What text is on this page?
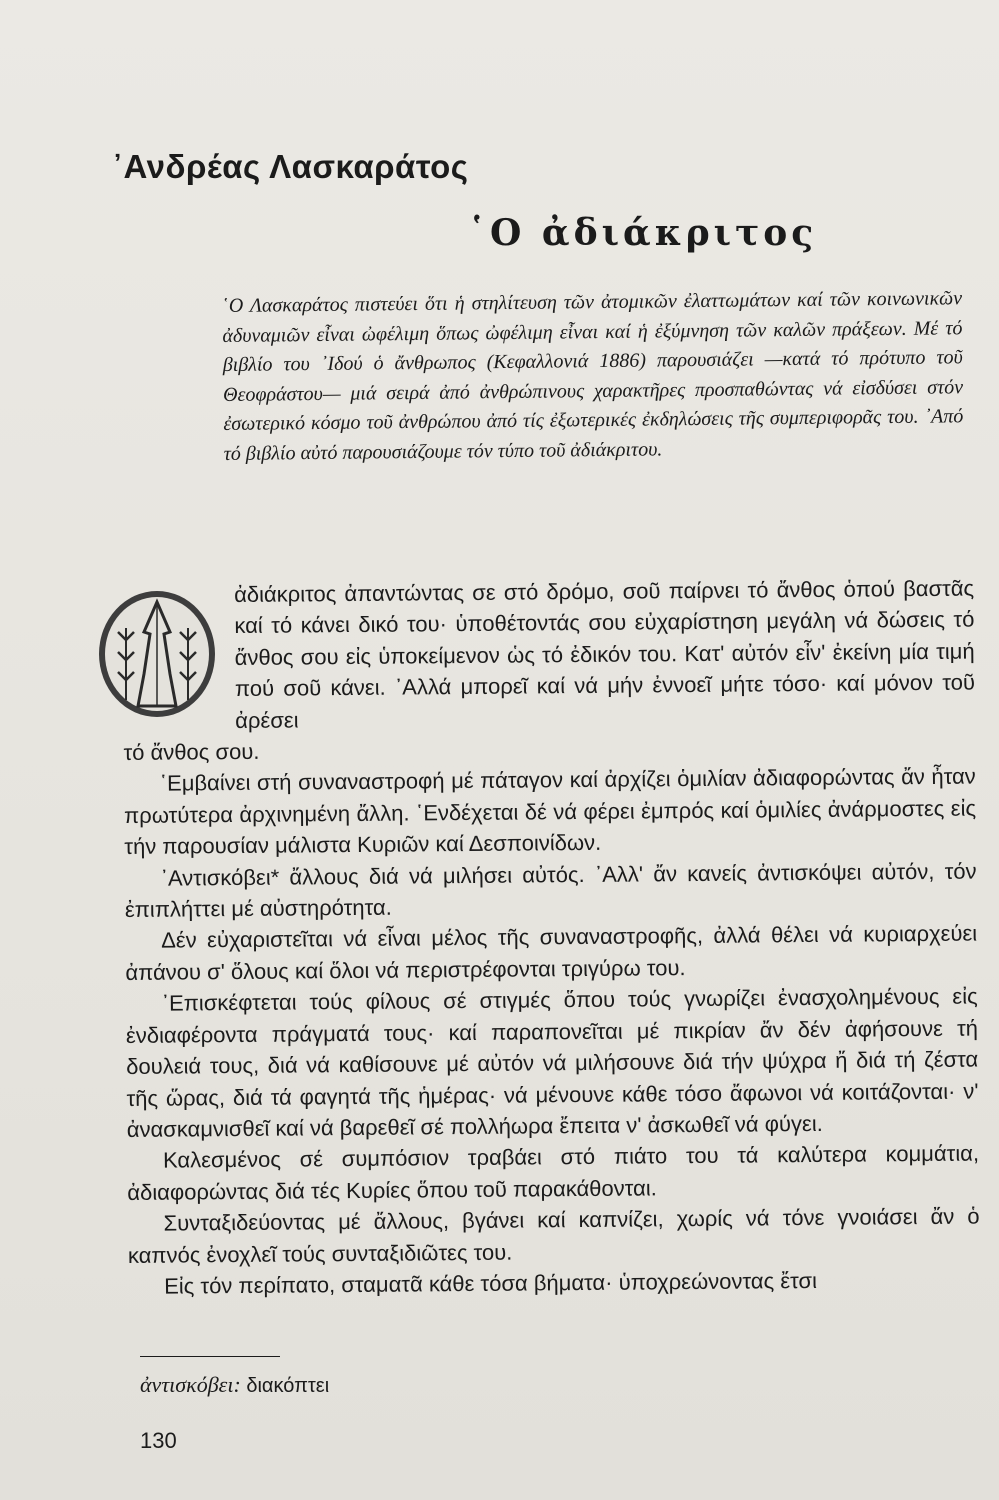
᾿Ανδρέας Λασκαράτος
῾Ο ἀδιάκριτος

῾Ο Λασκαράτος πιστεύει ὅτι ἡ στηλίτευση τῶν ἀτομικῶν ἐλαττωμάτων καί τῶν κοινωνικῶν ἀδυναμιῶν εἶναι ὠφέλιμη ὅπως ὠφέλιμη εἶναι καί ἡ ἐξύμνηση τῶν καλῶν πράξεων. Μέ τό βιβλίο του ᾿Ιδού ὁ ἄνθρωπος (Κεφαλλονιά 1886) παρουσιάζει —κατά τό πρότυπο τοῦ Θεοφράστου— μιά σειρά ἀπό ἀνθρώπινους χαρακτῆρες προσπαθώντας νά εἰσδύσει στόν ἐσωτερικό κόσμο τοῦ ἀνθρώπου ἀπό τίς ἐξωτερικές ἐκδηλώσεις τῆς συμπεριφορᾶς του. ᾿Από τό βιβλίο αὐτό παρουσιάζουμε τόν τύπο τοῦ ἀδιάκριτου.

ἀδιάκριτος ἀπαντώντας σε στό δρόμο, σοῦ παίρνει τό ἄνθος ὁπού βαστᾶς καί τό κάνει δικό του· ὑποθέτοντάς σου εὐχαρίστηση μεγάλη νά δώσεις τό ἄνθος σου εἰς ὑποκείμενον ὡς τό ἐδικόν του. Κατ' αὐτόν εἶν' ἐκείνη μία τιμή πού σοῦ κάνει. ᾿Αλλά μπορεῖ καί νά μήν ἐννοεῖ μήτε τόσο· καί μόνον τοῦ ἀρέσει

τό ἄνθος σου.

῾Εμβαίνει στή συναναστροφή μέ πάταγον καί ἀρχίζει ὁμιλίαν ἀδιαφορώντας ἄν ἦταν πρωτύτερα ἀρχινημένη ἄλλη. ῾Ενδέχεται δέ νά φέρει ἐμπρός καί ὁμιλίες ἀνάρμοστες εἰς τήν παρουσίαν μάλιστα Κυριῶν καί Δεσποινίδων.

᾿Αντισκόβει* ἄλλους διά νά μιλήσει αὐτός. ᾿Αλλ' ἄν κανείς ἀντισκόψει αὐτόν, τόν ἐπιπλήττει μέ αὐστηρότητα.

Δέν εὐχαριστεῖται νά εἶναι μέλος τῆς συναναστροφῆς, ἀλλά θέλει νά κυριαρχεύει ἀπάνου σ' ὅλους καί ὅλοι νά περιστρέφονται τριγύρω του.

᾿Επισκέφτεται τούς φίλους σέ στιγμές ὅπου τούς γνωρίζει ἐνασχολημένους εἰς ἐνδιαφέροντα πράγματά τους· καί παραπονεῖται μέ πικρίαν ἄν δέν ἀφήσουνε τή δουλειά τους, διά νά καθίσουνε μέ αὐτόν νά μιλήσουνε διά τήν ψύχρα ἤ διά τή ζέστα τῆς ὥρας, διά τά φαγητά τῆς ἡμέρας· νά μένουνε κάθε τόσο ἄφωνοι νά κοιτάζονται· ν' ἀνασκαμνισθεῖ καί νά βαρεθεῖ σέ πολλήωρα ἔπειτα ν' ἀσκωθεῖ νά φύγει.

Καλεσμένος σέ συμπόσιον τραβάει στό πιάτο του τά καλύτερα κομμάτια, ἀδιαφορώντας διά τές Κυρίες ὅπου τοῦ παρακάθονται.

Συνταξιδεύοντας μέ ἄλλους, βγάνει καί καπνίζει, χωρίς νά τόνε γνοιάσει ἄν ὁ καπνός ἐνοχλεῖ τούς συνταξιδιῶτες του.

Εἰς τόν περίπατο, σταματᾶ κάθε τόσα βήματα· ὑποχρεώνοντας ἔτσι

ἀντισκόβει: διακόπτει
130
